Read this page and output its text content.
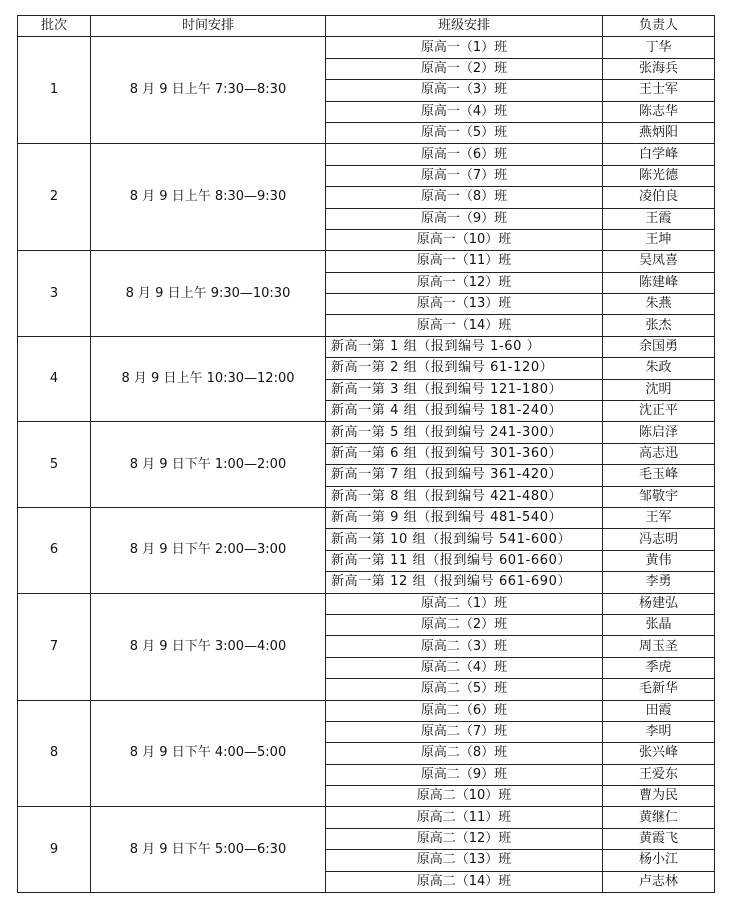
批次	时间安排	班级安排	负责人
1	8 月 9 日上午 7:30—8:30	原高一（1）班	丁华
		原高一（2）班	张海兵
		原高一（3）班	王士军
		原高一（4）班	陈志华
		原高一（5）班	燕炳阳
2	8 月 9 日上午 8:30—9:30	原高一（6）班	白学峰
		原高一（7）班	陈光德
		原高一（8）班	凌伯良
		原高一（9）班	王霞
		原高一（10）班	王坤
3	8 月 9 日上午 9:30—10:30	原高一（11）班	吴凤喜
		原高一（12）班	陈建峰
		原高一（13）班	朱燕
		原高一（14）班	张杰
4	8 月 9 日上午 10:30—12:00	新高一第 1 组（报到编号 1-60 ）	余国勇
		新高一第 2 组（报到编号 61-120）	朱政
		新高一第 3 组（报到编号 121-180）	沈明
		新高一第 4 组（报到编号 181-240）	沈正平
5	8 月 9 日下午 1:00—2:00	新高一第 5 组（报到编号 241-300）	陈启泽
		新高一第 6 组（报到编号 301-360）	高志迅
		新高一第 7 组（报到编号 361-420）	毛玉峰
		新高一第 8 组（报到编号 421-480）	邹敬宇
6	8 月 9 日下午 2:00—3:00	新高一第 9 组（报到编号 481-540）	王军
		新高一第 10 组（报到编号 541-600）	冯志明
		新高一第 11 组（报到编号 601-660）	黄伟
		新高一第 12 组（报到编号 661-690）	李勇
7	8 月 9 日下午 3:00—4:00	原高二（1）班	杨建弘
		原高二（2）班	张晶
		原高二（3）班	周玉圣
		原高二（4）班	季虎
		原高二（5）班	毛新华
8	8 月 9 日下午 4:00—5:00	原高二（6）班	田霞
		原高二（7）班	李明
		原高二（8）班	张兴峰
		原高二（9）班	王爱东
		原高二（10）班	曹为民
9	8 月 9 日下午 5:00—6:30	原高二（11）班	黄继仁
		原高二（12）班	黄霞飞
		原高二（13）班	杨小江
		原高二（14）班	卢志林
